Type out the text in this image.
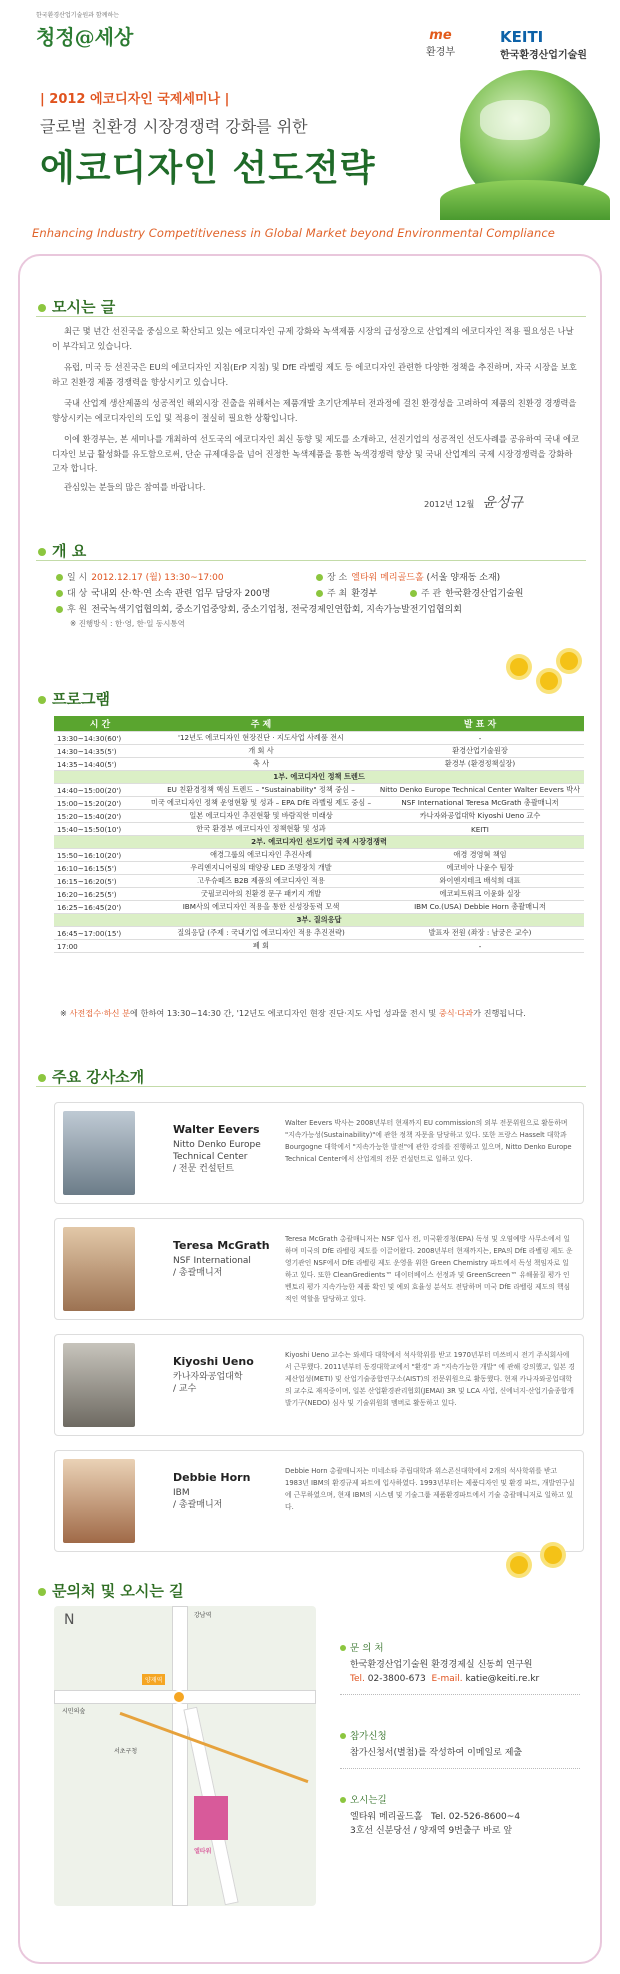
한국환경산업기술원과 함께하는
청정@세상	me
환경부
KEITI
한국환경산업기술원
| 2012 에코디자인 국제세미나 |
글로벌 친환경 시장경쟁력 강화를 위한
에코디자인 선도전략
Enhancing Industry Competitiveness in Global Market beyond Environmental Compliance
모시는 글
최근 몇 년간 선진국을 중심으로 확산되고 있는 에코디자인 규제 강화와 녹색제품 시장의 급성장으로 산업계의 에코디자인 적용 필요성은 나날이 부각되고 있습니다.
유럽, 미국 등 선진국은 EU의 에코디자인 지침(ErP 지침) 및 DfE 라벨링 제도 등 에코디자인 관련한 다양한 정책을 추진하며, 자국 시장을 보호하고 친환경 제품 경쟁력을 향상시키고 있습니다.
국내 산업계 생산제품의 성공적인 해외시장 진출을 위해서는 제품개발 초기단계부터 전과정에 걸친 환경성을 고려하여 제품의 친환경 경쟁력을 향상시키는 에코디자인의 도입 및 적용이 절실히 필요한 상황입니다.
이에 환경부는, 본 세미나를 개최하여 선도국의 에코디자인 최신 동향 및 제도를 소개하고, 선진기업의 성공적인 선도사례를 공유하여 국내 에코디자인 보급 활성화를 유도함으로써, 단순 규제대응을 넘어 진정한 녹색제품을 통한 녹색경쟁력 향상 및 국내 산업계의 국제 시장경쟁력을 강화하고자 합니다.
관심있는 분들의 많은 참여를 바랍니다.
2012년 12월 윤성규
개 요
일 시 2012.12.17 (월) 13:30~17:00	장 소 엘타워 메리골드홀 (서울 양재동 소재)
대 상 국내외 산·학·연 소속 관련 업무 담당자 200명	주 최 환경부	주 관 한국환경산업기술원
후 원 전국녹색기업협의회, 중소기업중앙회, 중소기업청, 전국경제인연합회, 지속가능발전기업협의회
※ 진행방식 : 한·영, 한·일 동시통역
프로그램
시 간	주 제	발 표 자
13:30~14:30(60')	'12년도 에코디자인 현장진단 · 지도사업 사례품 전시	-
14:30~14:35(5')	개 회 사	환경산업기술원장
14:35~14:40(5')	축 사	환경부 (환경정책실장)
1부. 에코디자인 정책 트렌드		
14:40~15:00(20')	EU 친환경정책 핵심 트렌드 – "Sustainability" 정책 중심 –	Nitto Denko Europe Technical Center Walter Eevers 박사
15:00~15:20(20')	미국 에코디자인 정책 운영현황 및 성과 – EPA DfE 라벨링 제도 중심 –	NSF International Teresa McGrath 총괄매니저
15:20~15:40(20')	일본 에코디자인 추진현황 및 바람직한 미래상	카나자와공업대학 Kiyoshi Ueno 교수
15:40~15:50(10')	한국 환경부 에코디자인 정책현황 및 성과	KEITI
2부. 에코디자인 선도기업 국제 시장경쟁력		
15:50~16:10(20')	애경그룹의 에코디자인 추진사례	애경 경영혁 책임
16:10~16:15(5')	우리엔지니어링의 태양광 LED 조명장치 개발	에코비아 나윤수 팀장
16:15~16:20(5')	고우슈떼즈 B2B 제품의 에코디자인 적용	와이엔지테크 배석희 대표
16:20~16:25(5')	굿필코리아의 친환경 문구 패키지 개발	에코피트워크 이윤화 실장
16:25~16:45(20')	IBM사의 에코디자인 적용을 통한 신성장동력 모색	IBM Co.(USA) Debbie Horn 총괄매니저
3부. 질의응답		
16:45~17:00(15')	질의응답 (주제 : 국내기업 에코디자인 적용 추진전략)	발표자 전원 (좌장 : 남궁은 교수)
17:00	폐 회	-
※ 사전접수·하신 분에 한하여 13:30~14:30 간, '12년도 에코디자인 현장 진단·지도 사업 성과물 전시 및 중식·다과가 진행됩니다.
주요 강사소개
Walter Eevers
Nitto Denko Europe Technical Center
/ 전문 컨설턴트
Walter Eevers 박사는 2008년부터 현재까지 EU commission의 외부 전문위원으로 활동하며 "지속가능성(Sustainability)"에 관한 정책 자문을 담당하고 있다. 또한 프랑스 Hasselt 대학과 Bourgogne 대학에서 "지속가능한 발전"에 관한 강의를 진행하고 있으며, Nitto Denko Europe Technical Center에서 산업계의 전문 컨설턴트로 일하고 있다.
Teresa McGrath
NSF International
/ 총괄매니저
Teresa McGrath 총괄매니저는 NSF 입사 전, 미국환경청(EPA) 독성 및 오염예방 사무소에서 일하며 미국의 DfE 라벨링 제도를 이끌어왔다. 2008년부터 현재까지는, EPA의 DfE 라벨링 제도 운영기관인 NSF에서 DfE 라벨링 제도 운영을 위한 Green Chemistry 파트에서 독성 책임자로 일하고 있다. 또한 CleanGredients™ 데이터베이스 선정과 및 GreenScreen™ 유해물질 평가 인벤토리 평가 지속가능한 제품 확인 및 예외 효율성 분석도 전담하며 미국 DfE 라벨링 제도의 핵심적인 역할을 담당하고 있다.
Kiyoshi Ueno
카나자와공업대학
/ 교수
Kiyoshi Ueno 교수는 와세다 대학에서 석사학위를 받고 1970년부터 미쓰비시 전기 주식회사에서 근무했다. 2011년부터 동경대학교에서 "환경" 과 "지속가능한 개발" 에 관해 강의했고, 일본 경제산업성(METI) 및 산업기술종합연구소(AIST)의 전문위원으로 활동했다. 현재 카나자와공업대학의 교수로 재직중이며, 일본 산업환경관리협회(JEMAI) 3R 및 LCA 사업, 신에너지·산업기술종합개발기구(NEDO) 심사 및 기술위원회 멤버로 활동하고 있다.
Debbie Horn
IBM
/ 총괄매니저
Debbie Horn 총괄매니저는 미네소타 주립대학과 위스콘신대학에서 2개의 석사학위를 받고 1983년 IBM의 환경규제 파트에 입사하였다. 1993년부터는 제품디자인 및 환경 파트, 개발연구실에 근무하였으며, 현재 IBM의 시스템 및 기술그룹 제품환경파트에서 기술 총괄매니저로 일하고 있다.
문의처 및 오시는 길
N	강남역
양재역
시민의숲
서초구청
엘타워
문 의 처
한국환경산업기술원 환경경제실 신동희 연구원
Tel. 02-3800-673 E-mail. katie@keiti.re.kr
참가신청
참가신청서(별첨)를 작성하여 이메일로 제출
오시는길
엘타워 메리골드홀 Tel. 02-526-8600~4
3호선 신분당선 / 양재역 9번출구 바로 앞
